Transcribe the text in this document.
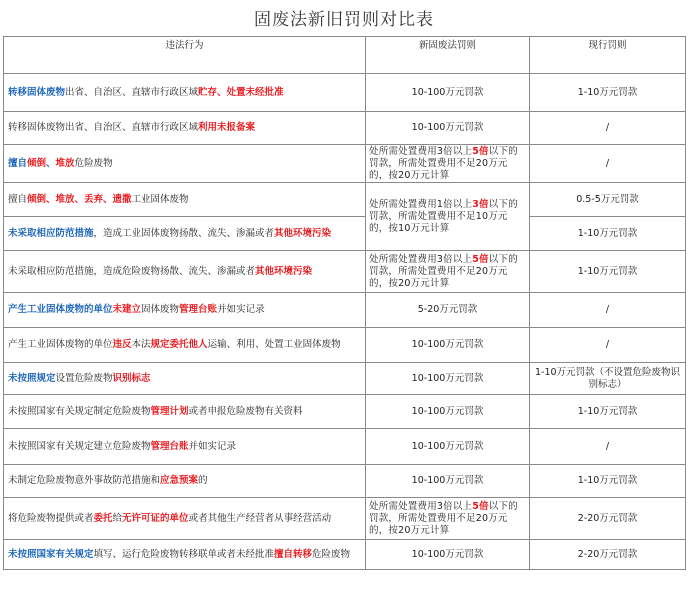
固废法新旧罚则对比表
违法行为	新固废法罚则	现行罚则
转移固体废物出省、自治区、直辖市行政区域贮存、处置未经批准	10-100万元罚款	1-10万元罚款
转移固体废物出省、自治区、直辖市行政区域利用未报备案	10-100万元罚款	/
擅自倾倒、堆放危险废物	处所需处置费用3倍以上5倍以下的罚款，所需处置费用不足20万元的，按20万元计算	/
擅自倾倒、堆放、丢弃、遗撒工业固体废物	处所需处置费用1倍以上3倍以下的罚款，所需处置费用不足10万元的，按10万元计算	0.5-5万元罚款
未采取相应防范措施，造成工业固体废物扬散、流失、渗漏或者其他环境污染		1-10万元罚款
未采取相应防范措施，造成危险废物扬散、流失、渗漏或者其他环境污染	处所需处置费用3倍以上5倍以下的罚款，所需处置费用不足20万元的，按20万元计算	1-10万元罚款
产生工业固体废物的单位未建立固体废物管理台账并如实记录	5-20万元罚款	/
产生工业固体废物的单位违反本法规定委托他人运输、利用、处置工业固体废物	10-100万元罚款	/
未按照规定设置危险废物识别标志	10-100万元罚款	1-10万元罚款（不设置危险废物识别标志）
未按照国家有关规定制定危险废物管理计划或者申报危险废物有关资料	10-100万元罚款	1-10万元罚款
未按照国家有关规定建立危险废物管理台账并如实记录	10-100万元罚款	/
未制定危险废物意外事故防范措施和应急预案的	10-100万元罚款	1-10万元罚款
将危险废物提供或者委托给无许可证的单位或者其他生产经营者从事经营活动	处所需处置费用3倍以上5倍以下的罚款，所需处置费用不足20万元的，按20万元计算	2-20万元罚款
未按照国家有关规定填写、运行危险废物转移联单或者未经批准擅自转移危险废物	10-100万元罚款	2-20万元罚款
